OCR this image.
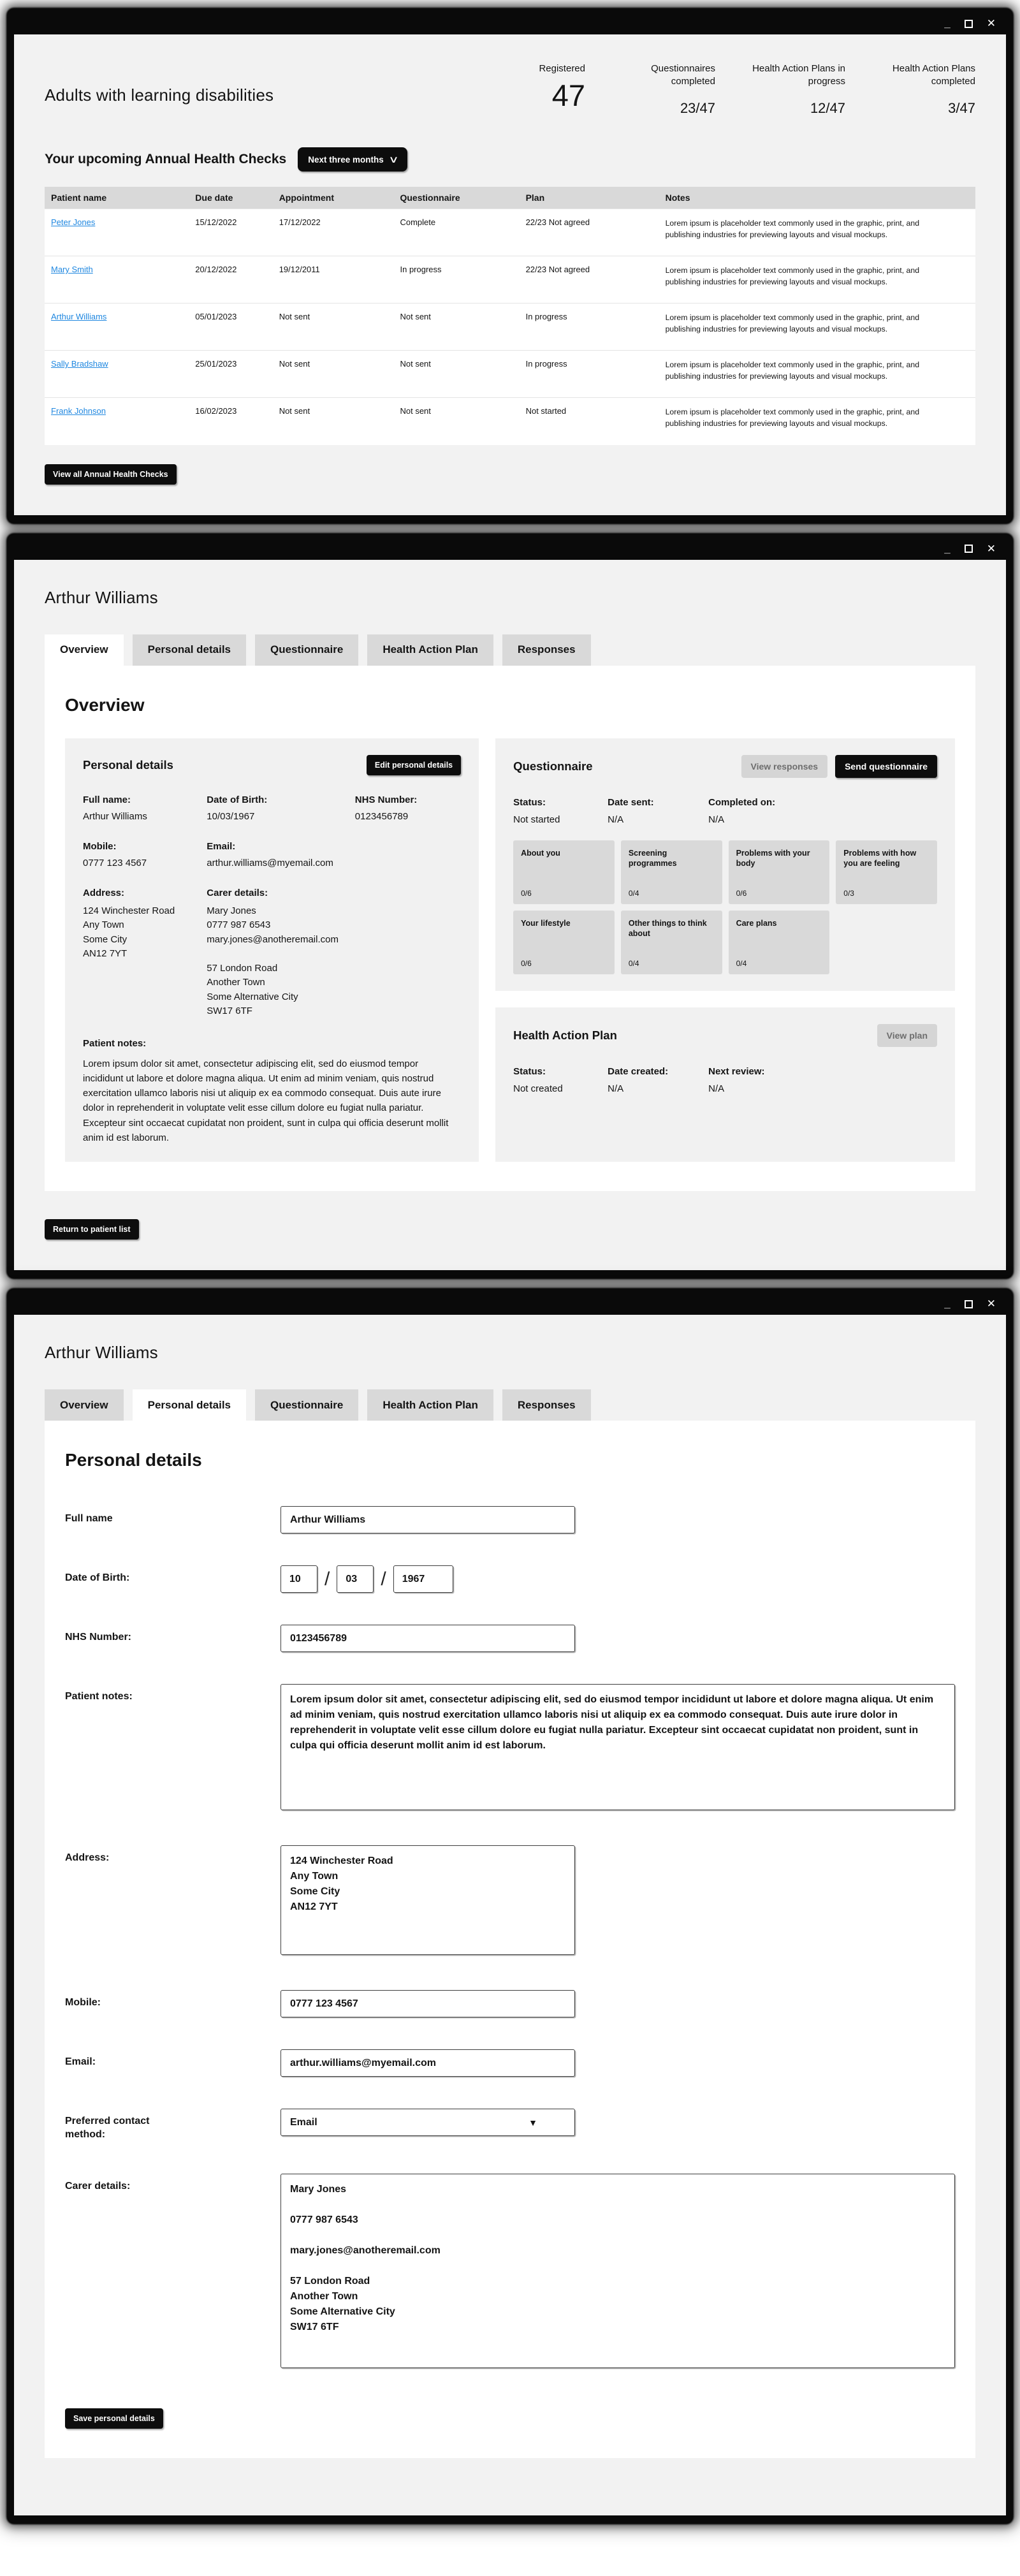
_	✕
Adults with learning disabilities
Registered
47
Questionnaires completed
23/47
Health Action Plans in progress
12/47
Health Action Plans completed
3/47
Your upcoming Annual Health Checks	Next three months ∨
Patient name	Due date	Appointment	Questionnaire	Plan	Notes
Peter Jones	15/12/2022	17/12/2022	Complete	22/23 Not agreed	Lorem ipsum is placeholder text commonly used in the graphic, print, and publishing industries for previewing layouts and visual mockups.
Mary Smith	20/12/2022	19/12/2011	In progress	22/23 Not agreed	Lorem ipsum is placeholder text commonly used in the graphic, print, and publishing industries for previewing layouts and visual mockups.
Arthur Williams	05/01/2023	Not sent	Not sent	In progress	Lorem ipsum is placeholder text commonly used in the graphic, print, and publishing industries for previewing layouts and visual mockups.
Sally Bradshaw	25/01/2023	Not sent	Not sent	In progress	Lorem ipsum is placeholder text commonly used in the graphic, print, and publishing industries for previewing layouts and visual mockups.
Frank Johnson	16/02/2023	Not sent	Not sent	Not started	Lorem ipsum is placeholder text commonly used in the graphic, print, and publishing industries for previewing layouts and visual mockups.
View all Annual Health Checks
_	✕
Arthur Williams
Overview	Personal details	Questionnaire	Health Action Plan	Responses
Overview
Personal details	Edit personal details
Full name:
Arthur Williams
Date of Birth:
10/03/1967
NHS Number:
0123456789
Mobile:
0777 123 4567
Email:
arthur.williams@myemail.com
Address:
124 Winchester Road
Any Town
Some City
AN12 7YT
Carer details:
Mary Jones
0777 987 6543
mary.jones@anotheremail.com

57 London Road
Another Town
Some Alternative City
SW17 6TF
Patient notes:
Lorem ipsum dolor sit amet, consectetur adipiscing elit, sed do eiusmod tempor incididunt ut labore et dolore magna aliqua. Ut enim ad minim veniam, quis nostrud exercitation ullamco laboris nisi ut aliquip ex ea commodo consequat. Duis aute irure dolor in reprehenderit in voluptate velit esse cillum dolore eu fugiat nulla pariatur. Excepteur sint occaecat cupidatat non proident, sunt in culpa qui officia deserunt mollit anim id est laborum.
Questionnaire	View responses	Send questionnaire
Status:
Not started
Date sent:
N/A
Completed on:
N/A
About you
0/6
Screening programmes
0/4
Problems with your body
0/6
Problems with how you are feeling
0/3
Your lifestyle
0/6
Other things to think about
0/4
Care plans
0/4
Health Action Plan	View plan
Status:
Not created
Date created:
N/A
Next review:
N/A
Return to patient list
_	✕
Arthur Williams
Overview	Personal details	Questionnaire	Health Action Plan	Responses
Personal details
Full name
Arthur Williams
Date of Birth:
10	/
03	/
1967
NHS Number:
0123456789
Patient notes:
Lorem ipsum dolor sit amet, consectetur adipiscing elit, sed do eiusmod tempor incididunt ut labore et dolore magna aliqua. Ut enim ad minim veniam, quis nostrud exercitation ullamco laboris nisi ut aliquip ex ea commodo consequat. Duis aute irure dolor in reprehenderit in voluptate velit esse cillum dolore eu fugiat nulla pariatur. Excepteur sint occaecat cupidatat non proident, sunt in culpa qui officia deserunt mollit anim id est laborum.
Address:
124 Winchester Road Any Town Some City AN12 7YT
Mobile:
0777 123 4567
Email:
arthur.williams@myemail.com
Preferred contact method:
Email	▼
Carer details:
Mary Jones 0777 987 6543 mary.jones@anotheremail.com 57 London Road Another Town Some Alternative City SW17 6TF
Save personal details
